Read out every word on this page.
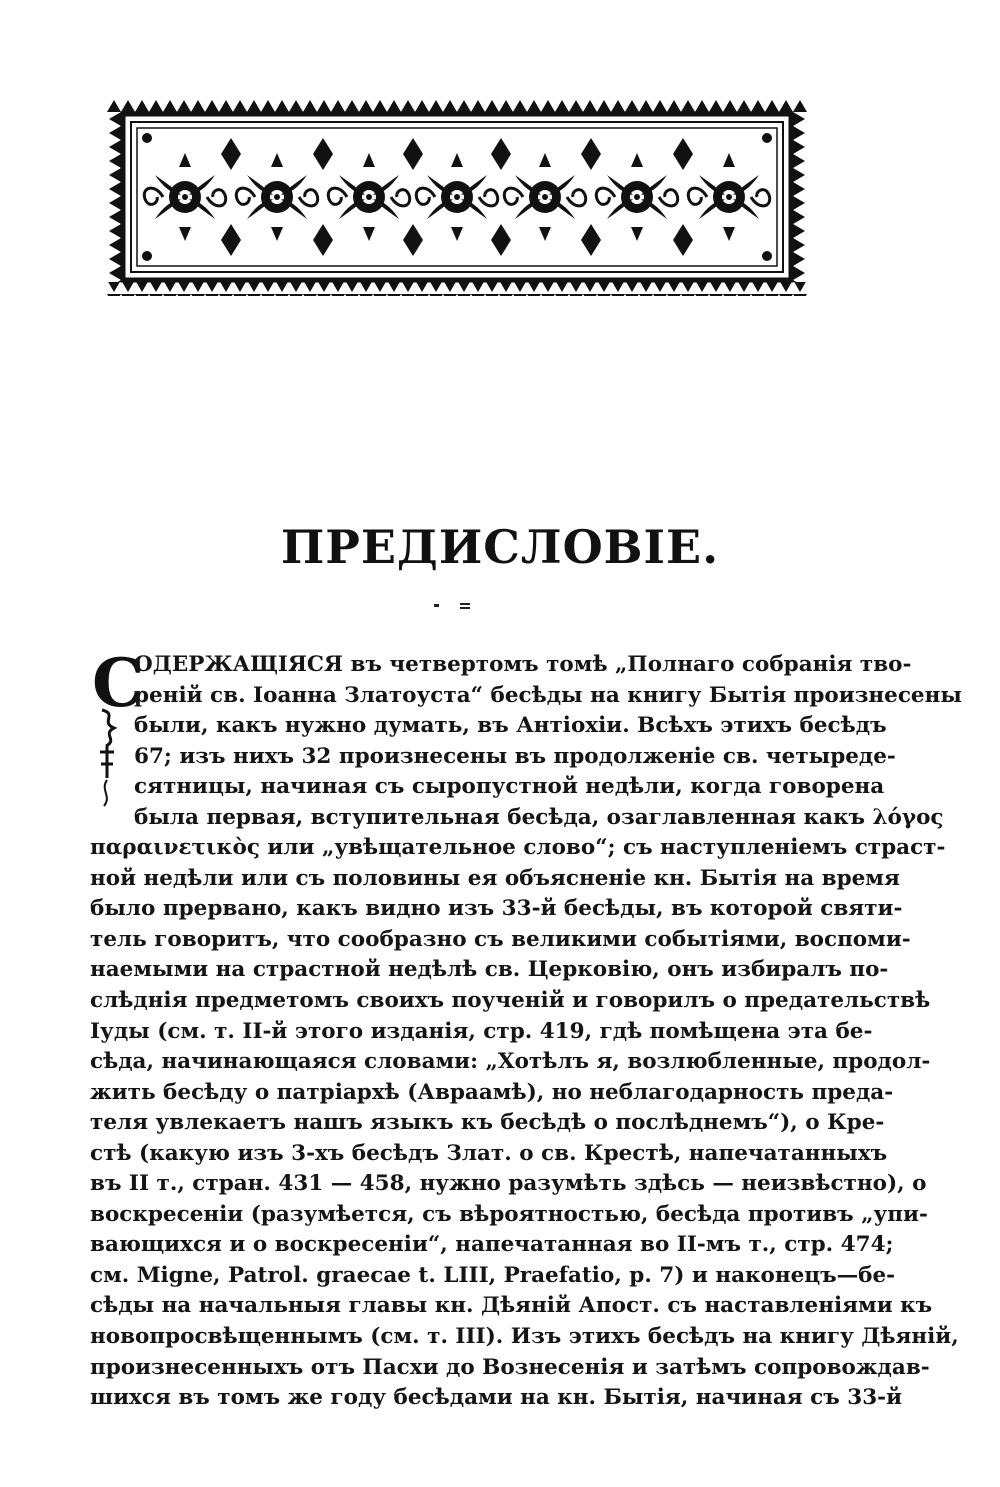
ПРЕДИСЛОВІЕ.
С
ОДЕРЖАЩІЯСЯ въ четвертомъ томѣ „Полнаго собранія тво-
реній св. Іоанна Златоуста“ бесѣды на книгу Бытія произнесены
были, какъ нужно думать, въ Антіохіи. Всѣхъ этихъ бесѣдъ
67; изъ нихъ 32 произнесены въ продолженіе св. четыреде-
сятницы, начиная съ сыропустной недѣли, когда говорена
была первая, вступительная бесѣда, озаглавленная какъ λόγος
παραινετικὸς или „увѣщательное слово“; съ наступленіемъ страст-
ной недѣли или съ половины ея объясненіе кн. Бытія на время
было прервано, какъ видно изъ 33-й бесѣды, въ которой святи-
тель говоритъ, что сообразно съ великими событіями, воспоми-
наемыми на страстной недѣлѣ св. Церковію, онъ избиралъ по-
слѣднія предметомъ своихъ поученій и говорилъ о предательствѣ
Іуды (см. т. ІІ-й этого изданія, стр. 419, гдѣ помѣщена эта бе-
сѣда, начинающаяся словами: „Хотѣлъ я, возлюбленные, продол-
жить бесѣду о патріархѣ (Авраамѣ), но неблагодарность преда-
теля увлекаетъ нашъ языкъ къ бесѣдѣ о послѣднемъ“), о Кре-
стѣ (какую изъ 3-хъ бесѣдъ Злат. о св. Крестѣ, напечатанныхъ
въ II т., стран. 431 — 458, нужно разумѣть здѣсь — неизвѣстно), о
воскресеніи (разумѣется, съ вѣроятностью, бесѣда противъ „упи-
вающихся и о воскресеніи“, напечатанная во ІІ-мъ т., стр. 474;
см. Migne, Patrol. graecae t. LIII, Praefatio, p. 7) и наконецъ—бе-
сѣды на начальныя главы кн. Дѣяній Апост. съ наставленіями къ
новопросвѣщеннымъ (см. т. III). Изъ этихъ бесѣдъ на книгу Дѣяній,
произнесенныхъ отъ Пасхи до Вознесенія и затѣмъ сопровождав-
шихся въ томъ же году бесѣдами на кн. Бытія, начиная съ 33-й
